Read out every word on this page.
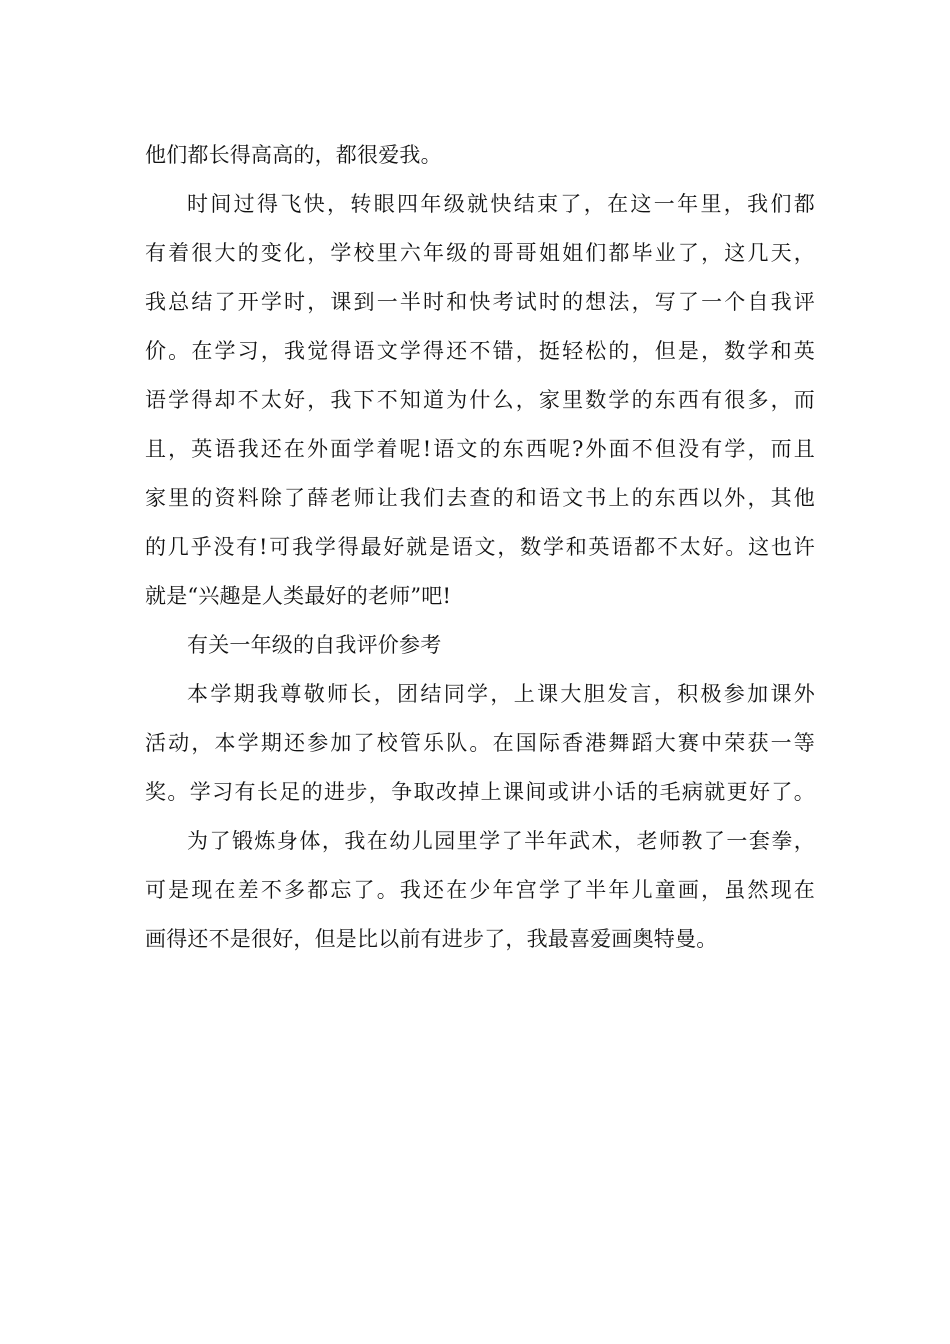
他们都长得高高的，都很爱我。
时间过得飞快，转眼四年级就快结束了，在这一年里，我们都
有着很大的变化，学校里六年级的哥哥姐姐们都毕业了，这几天，
我总结了开学时，课到一半时和快考试时的想法，写了一个自我评
价。在学习，我觉得语文学得还不错，挺轻松的，但是，数学和英
语学得却不太好，我下不知道为什么，家里数学的东西有很多，而
且，英语我还在外面学着呢!语文的东西呢?外面不但没有学，而且
家里的资料除了薛老师让我们去查的和语文书上的东西以外，其他
的几乎没有!可我学得最好就是语文，数学和英语都不太好。这也许
就是“兴趣是人类最好的老师”吧!
有关一年级的自我评价参考
本学期我尊敬师长，团结同学，上课大胆发言，积极参加课外
活动，本学期还参加了校管乐队。在国际香港舞蹈大赛中荣获一等
奖。学习有长足的进步，争取改掉上课间或讲小话的毛病就更好了。
为了锻炼身体，我在幼儿园里学了半年武术，老师教了一套拳，
可是现在差不多都忘了。我还在少年宫学了半年儿童画，虽然现在
画得还不是很好，但是比以前有进步了，我最喜爱画奥特曼。
